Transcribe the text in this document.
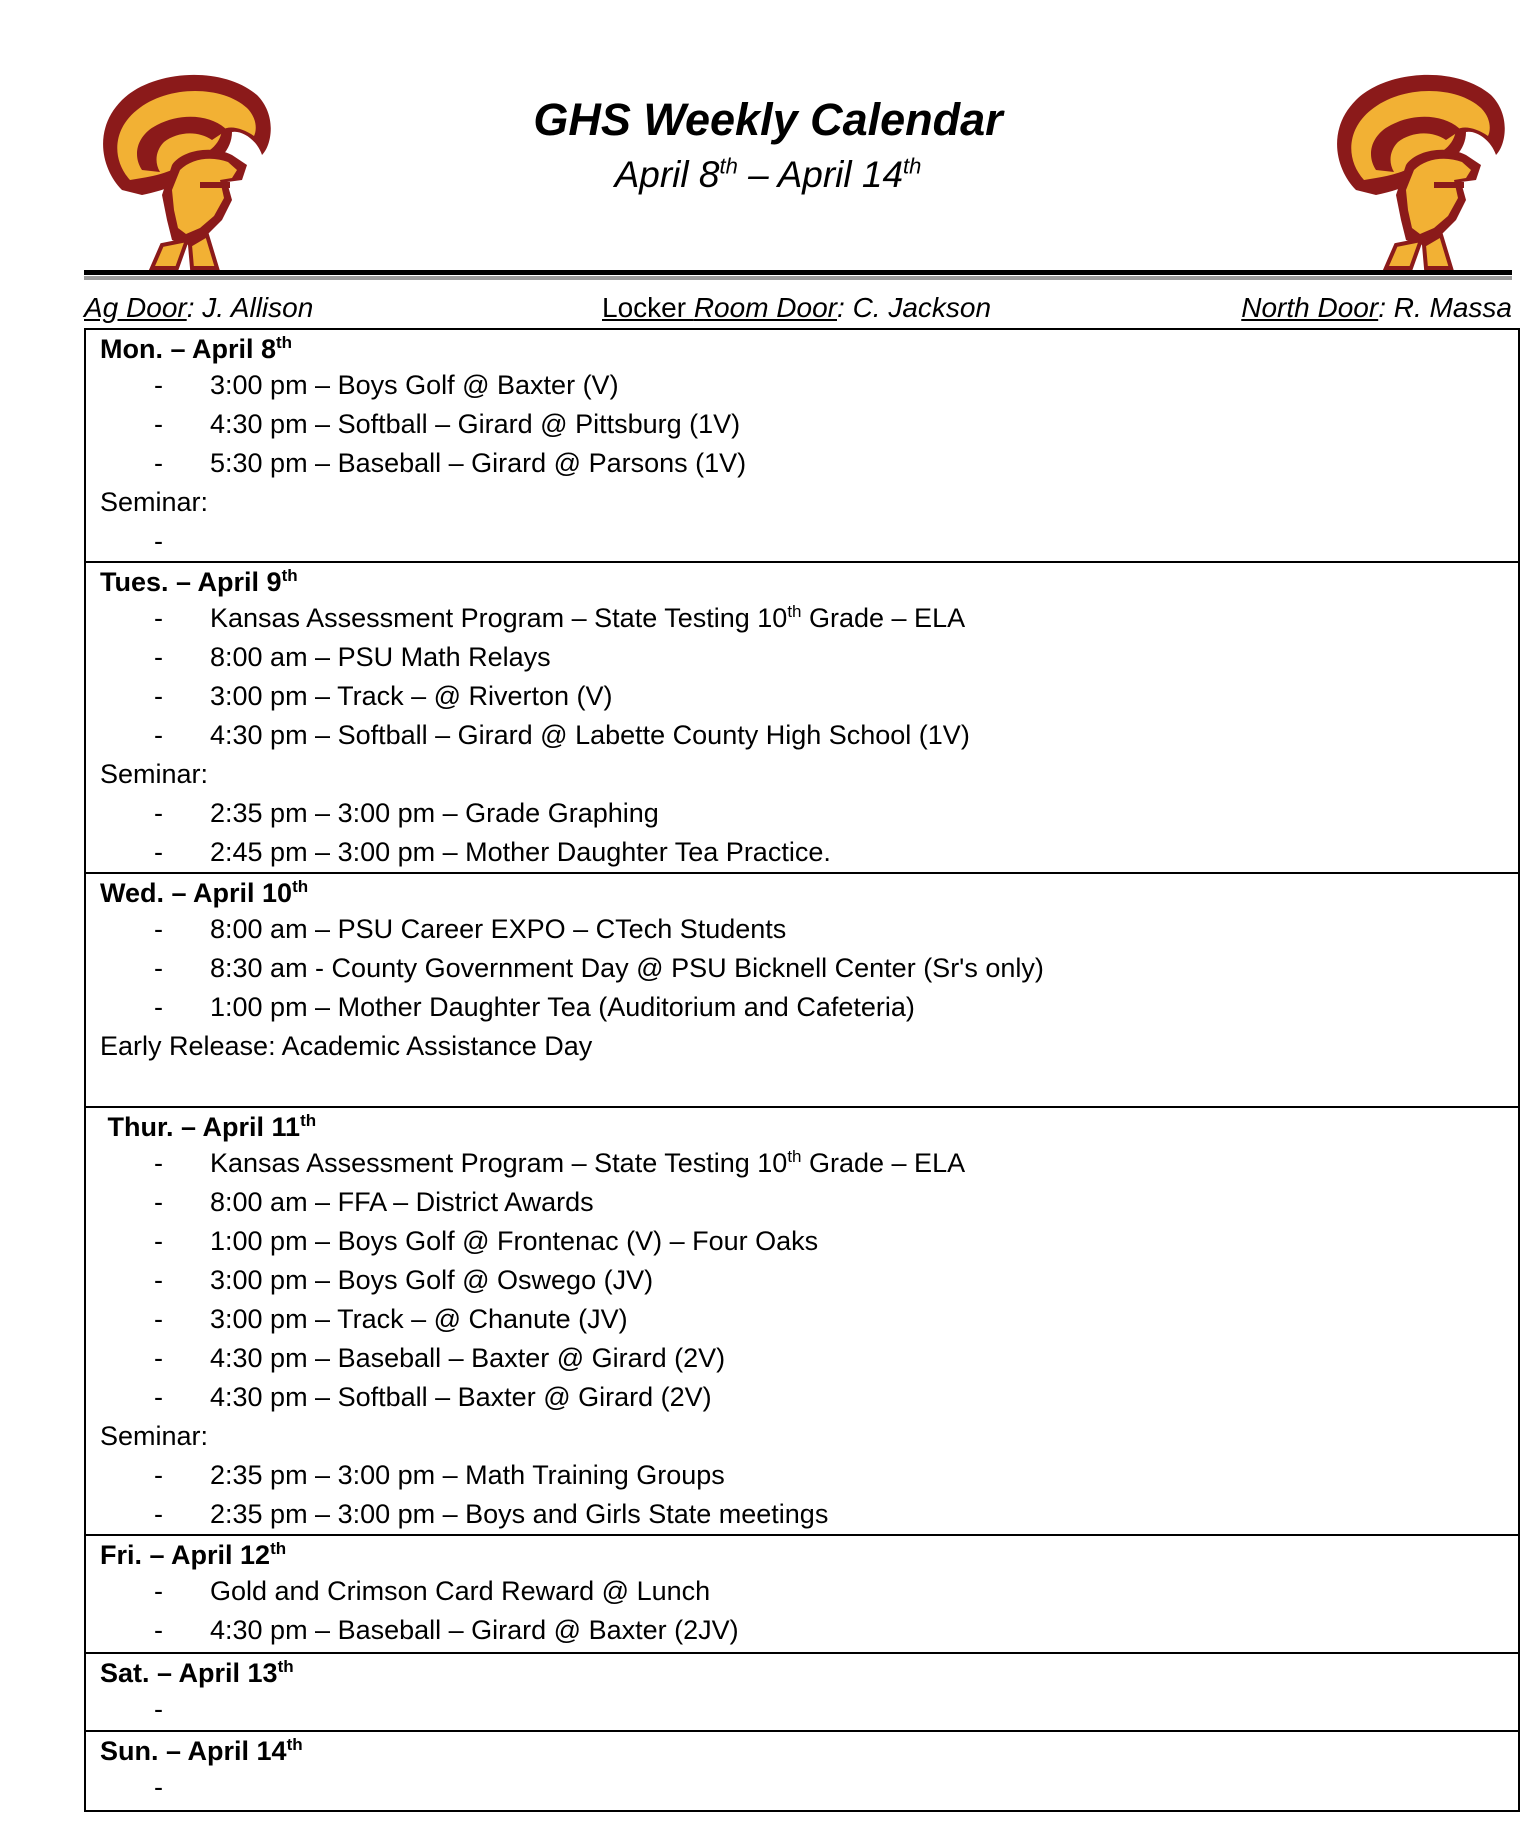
GHS Weekly Calendar
April 8th – April 14th
Ag Door: J. Allison	Locker Room Door: C. Jackson	North Door: R. Massa
Mon. – April 8th
- 3:00 pm – Boys Golf @ Baxter (V)
- 4:30 pm – Softball – Girard @ Pittsburg (1V)
- 5:30 pm – Baseball – Girard @ Parsons (1V)
Seminar:
-
Tues. – April 9th
- Kansas Assessment Program – State Testing 10th Grade – ELA
- 8:00 am – PSU Math Relays
- 3:00 pm – Track – @ Riverton (V)
- 4:30 pm – Softball – Girard @ Labette County High School (1V)
Seminar:
- 2:35 pm – 3:00 pm – Grade Graphing
- 2:45 pm – 3:00 pm – Mother Daughter Tea Practice.
Wed. – April 10th
- 8:00 am – PSU Career EXPO – CTech Students
- 8:30 am - County Government Day @ PSU Bicknell Center (Sr's only)
- 1:00 pm – Mother Daughter Tea (Auditorium and Cafeteria)
Early Release: Academic Assistance Day
Thur. – April 11th
- Kansas Assessment Program – State Testing 10th Grade – ELA
- 8:00 am – FFA – District Awards
- 1:00 pm – Boys Golf @ Frontenac (V) – Four Oaks
- 3:00 pm – Boys Golf @ Oswego (JV)
- 3:00 pm – Track – @ Chanute (JV)
- 4:30 pm – Baseball – Baxter @ Girard (2V)
- 4:30 pm – Softball – Baxter @ Girard (2V)
Seminar:
- 2:35 pm – 3:00 pm – Math Training Groups
- 2:35 pm – 3:00 pm – Boys and Girls State meetings
Fri. – April 12th
- Gold and Crimson Card Reward @ Lunch
- 4:30 pm – Baseball – Girard @ Baxter (2JV)
Sat. – April 13th
-
Sun. – April 14th
-
